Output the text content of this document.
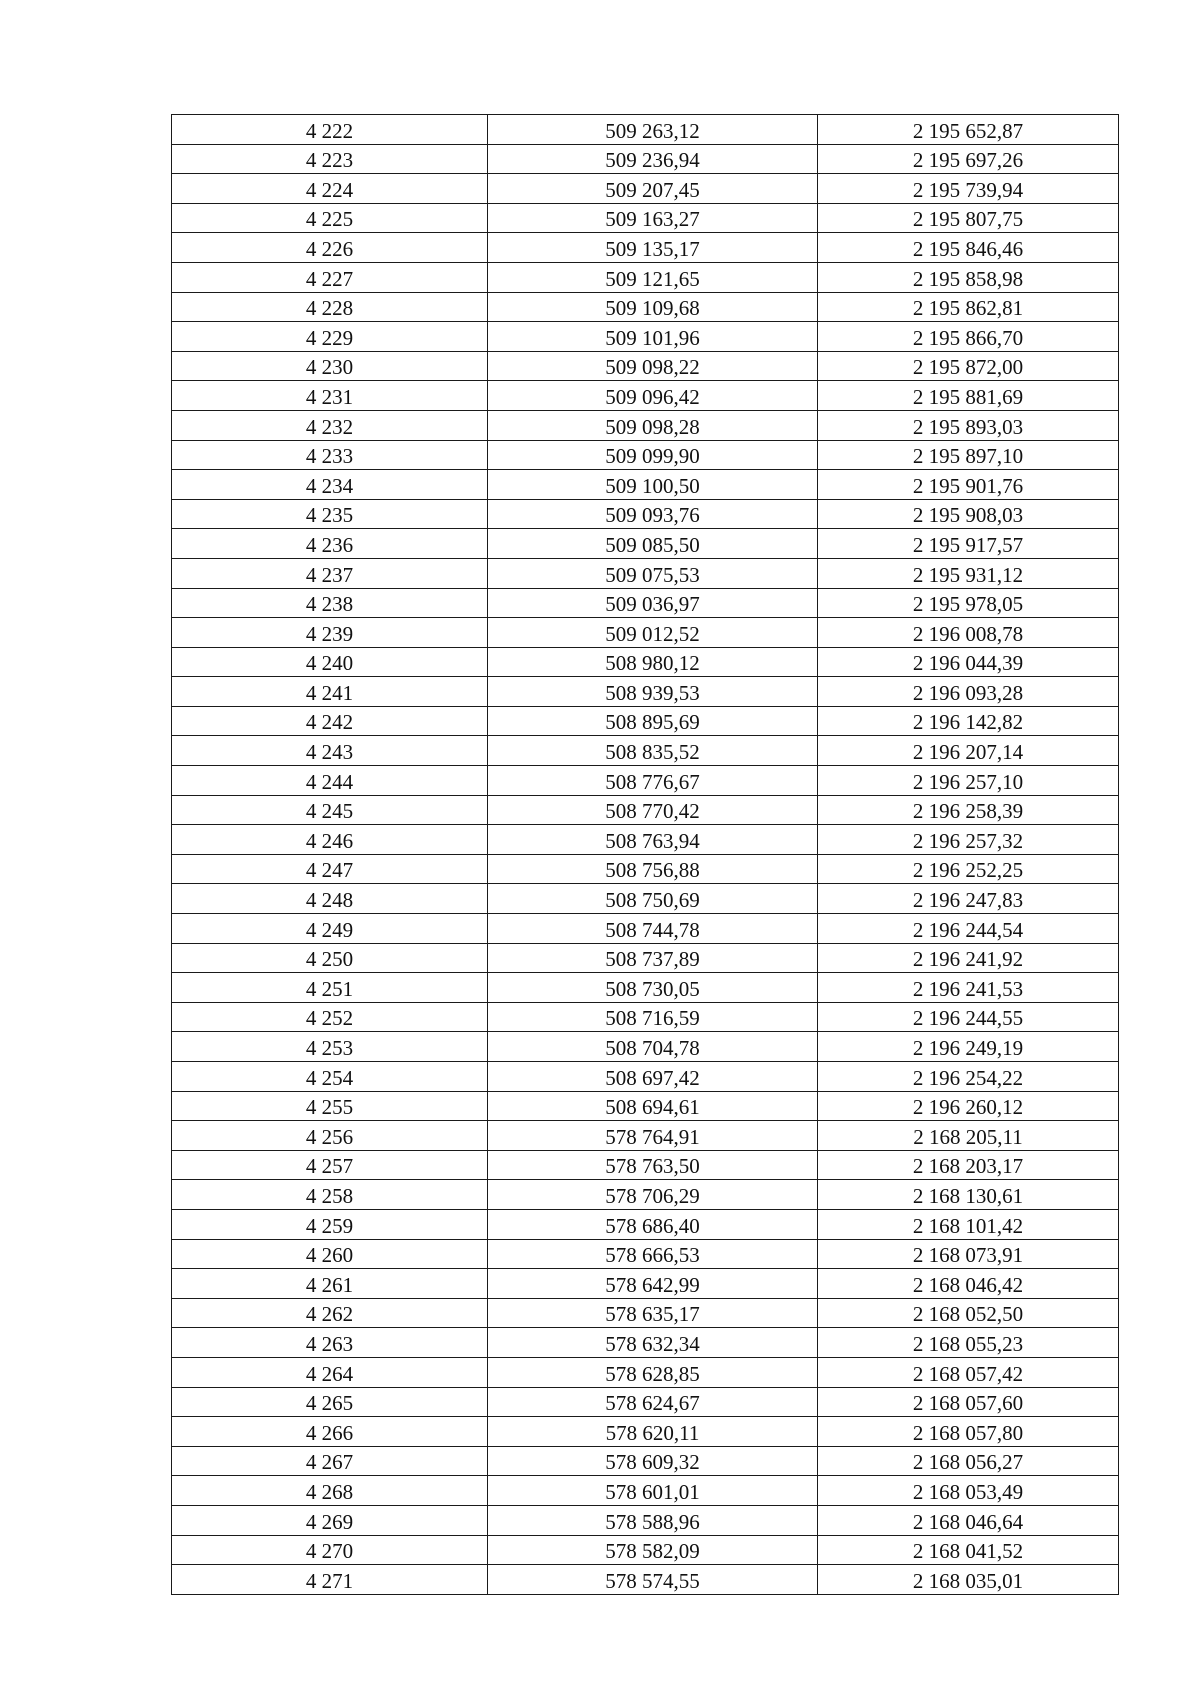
4 222	509 263,12	2 195 652,87
4 223	509 236,94	2 195 697,26
4 224	509 207,45	2 195 739,94
4 225	509 163,27	2 195 807,75
4 226	509 135,17	2 195 846,46
4 227	509 121,65	2 195 858,98
4 228	509 109,68	2 195 862,81
4 229	509 101,96	2 195 866,70
4 230	509 098,22	2 195 872,00
4 231	509 096,42	2 195 881,69
4 232	509 098,28	2 195 893,03
4 233	509 099,90	2 195 897,10
4 234	509 100,50	2 195 901,76
4 235	509 093,76	2 195 908,03
4 236	509 085,50	2 195 917,57
4 237	509 075,53	2 195 931,12
4 238	509 036,97	2 195 978,05
4 239	509 012,52	2 196 008,78
4 240	508 980,12	2 196 044,39
4 241	508 939,53	2 196 093,28
4 242	508 895,69	2 196 142,82
4 243	508 835,52	2 196 207,14
4 244	508 776,67	2 196 257,10
4 245	508 770,42	2 196 258,39
4 246	508 763,94	2 196 257,32
4 247	508 756,88	2 196 252,25
4 248	508 750,69	2 196 247,83
4 249	508 744,78	2 196 244,54
4 250	508 737,89	2 196 241,92
4 251	508 730,05	2 196 241,53
4 252	508 716,59	2 196 244,55
4 253	508 704,78	2 196 249,19
4 254	508 697,42	2 196 254,22
4 255	508 694,61	2 196 260,12
4 256	578 764,91	2 168 205,11
4 257	578 763,50	2 168 203,17
4 258	578 706,29	2 168 130,61
4 259	578 686,40	2 168 101,42
4 260	578 666,53	2 168 073,91
4 261	578 642,99	2 168 046,42
4 262	578 635,17	2 168 052,50
4 263	578 632,34	2 168 055,23
4 264	578 628,85	2 168 057,42
4 265	578 624,67	2 168 057,60
4 266	578 620,11	2 168 057,80
4 267	578 609,32	2 168 056,27
4 268	578 601,01	2 168 053,49
4 269	578 588,96	2 168 046,64
4 270	578 582,09	2 168 041,52
4 271	578 574,55	2 168 035,01
